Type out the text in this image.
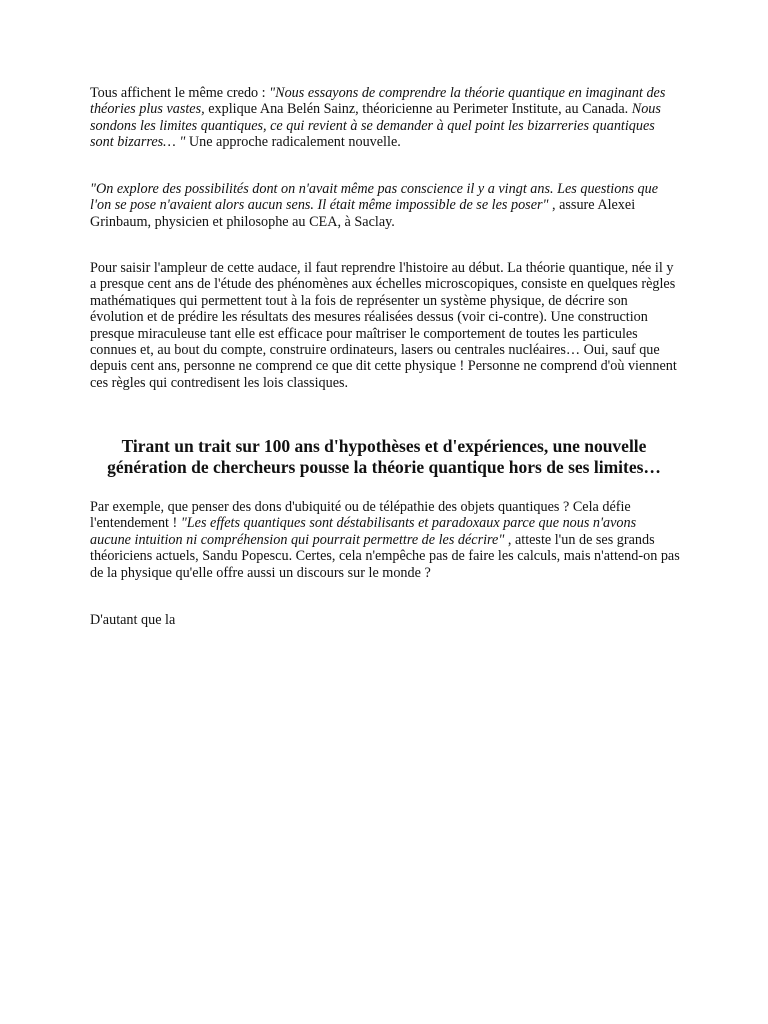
Tous affichent le même credo : "Nous essayons de comprendre la théorie quantique en imaginant des théories plus vastes, explique Ana Belén Sainz, théoricienne au Perimeter Institute, au Canada. Nous sondons les limites quantiques, ce qui revient à se demander à quel point les bizarreries quantiques sont bizarres… " Une approche radicalement nouvelle.

"On explore des possibilités dont on n'avait même pas conscience il y a vingt ans. Les questions que l'on se pose n'avaient alors aucun sens. Il était même impossible de se les poser" , assure Alexei Grinbaum, physicien et philosophe au CEA, à Saclay.

Pour saisir l'ampleur de cette audace, il faut reprendre l'histoire au début. La théorie quantique, née il y a presque cent ans de l'étude des phénomènes aux échelles microscopiques, consiste en quelques règles mathématiques qui permettent tout à la fois de représenter un système physique, de décrire son évolution et de prédire les résultats des mesures réalisées dessus (voir ci-contre). Une construction presque miraculeuse tant elle est efficace pour maîtriser le comportement de toutes les particules connues et, au bout du compte, construire ordinateurs, lasers ou centrales nucléaires… Oui, sauf que depuis cent ans, personne ne comprend ce que dit cette physique ! Personne ne comprend d'où viennent ces règles qui contredisent les lois classiques.

Tirant un trait sur 100 ans d'hypothèses et d'expériences, une nouvelle génération de chercheurs pousse la théorie quantique hors de ses limites…

Par exemple, que penser des dons d'ubiquité ou de télépathie des objets quantiques ? Cela défie l'entendement ! "Les effets quantiques sont déstabilisants et paradoxaux parce que nous n'avons aucune intuition ni compréhension qui pourrait permettre de les décrire" , atteste l'un de ses grands théoriciens actuels, Sandu Popescu. Certes, cela n'empêche pas de faire les calculs, mais n'attend-on pas de la physique qu'elle offre aussi un discours sur le monde ?

D'autant que la
